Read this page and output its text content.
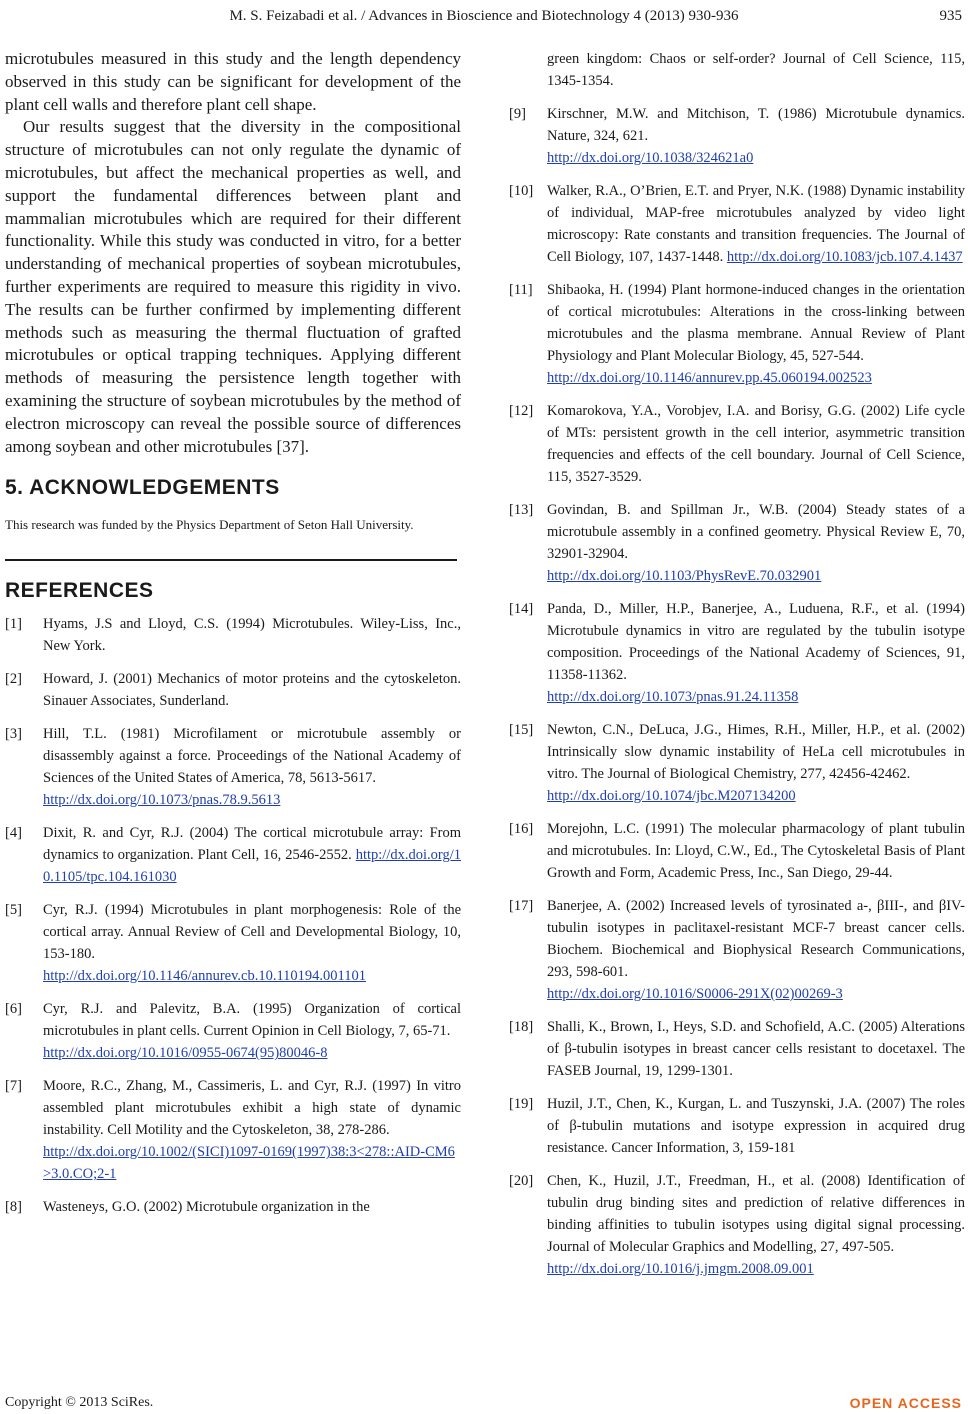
M. S. Feizabadi et al. / Advances in Bioscience and Biotechnology 4 (2013) 930-936	935

microtubules measured in this study and the length dependency observed in this study can be significant for development of the plant cell walls and therefore plant cell shape.

Our results suggest that the diversity in the compositional structure of microtubules can not only regulate the dynamic of microtubules, but affect the mechanical properties as well, and support the fundamental differences between plant and mammalian microtubules which are required for their different functionality. While this study was conducted in vitro, for a better understanding of mechanical properties of soybean microtubules, further experiments are required to measure this rigidity in vivo. The results can be further confirmed by implementing different methods such as measuring the thermal fluctuation of grafted microtubules or optical trapping techniques. Applying different methods of measuring the persistence length together with examining the structure of soybean microtubules by the method of electron microscopy can reveal the possible source of differences among soybean and other microtubules [37].

5. ACKNOWLEDGEMENTS

This research was funded by the Physics Department of Seton Hall University.

REFERENCES
[1] Hyams, J.S and Lloyd, C.S. (1994) Microtubules. Wiley-Liss, Inc., New York.
[2] Howard, J. (2001) Mechanics of motor proteins and the cytoskeleton. Sinauer Associates, Sunderland.
[3] Hill, T.L. (1981) Microfilament or microtubule assembly or disassembly against a force. Proceedings of the National Academy of Sciences of the United States of America, 78, 5613-5617.
http://dx.doi.org/10.1073/pnas.78.9.5613
[4] Dixit, R. and Cyr, R.J. (2004) The cortical microtubule array: From dynamics to organization. Plant Cell, 16, 2546-2552. http://dx.doi.org/10.1105/tpc.104.161030
[5] Cyr, R.J. (1994) Microtubules in plant morphogenesis: Role of the cortical array. Annual Review of Cell and Developmental Biology, 10, 153-180.
http://dx.doi.org/10.1146/annurev.cb.10.110194.001101
[6] Cyr, R.J. and Palevitz, B.A. (1995) Organization of cortical microtubules in plant cells. Current Opinion in Cell Biology, 7, 65-71.
http://dx.doi.org/10.1016/0955-0674(95)80046-8
[7] Moore, R.C., Zhang, M., Cassimeris, L. and Cyr, R.J. (1997) In vitro assembled plant microtubules exhibit a high state of dynamic instability. Cell Motility and the Cytoskeleton, 38, 278-286.
http://dx.doi.org/10.1002/(SICI)1097-0169(1997)38:3<278::AID-CM6>3.0.CO;2-1
[8] Wasteneys, G.O. (2002) Microtubule organization in the
green kingdom: Chaos or self-order? Journal of Cell Science, 115, 1345-1354.
[9] Kirschner, M.W. and Mitchison, T. (1986) Microtubule dynamics. Nature, 324, 621.
http://dx.doi.org/10.1038/324621a0
[10] Walker, R.A., O’Brien, E.T. and Pryer, N.K. (1988) Dynamic instability of individual, MAP-free microtubules analyzed by video light microscopy: Rate constants and transition frequencies. The Journal of Cell Biology, 107, 1437-1448. http://dx.doi.org/10.1083/jcb.107.4.1437
[11] Shibaoka, H. (1994) Plant hormone-induced changes in the orientation of cortical microtubules: Alterations in the cross-linking between microtubules and the plasma membrane. Annual Review of Plant Physiology and Plant Molecular Biology, 45, 527-544.
http://dx.doi.org/10.1146/annurev.pp.45.060194.002523
[12] Komarokova, Y.A., Vorobjev, I.A. and Borisy, G.G. (2002) Life cycle of MTs: persistent growth in the cell interior, asymmetric transition frequencies and effects of the cell boundary. Journal of Cell Science, 115, 3527-3529.
[13] Govindan, B. and Spillman Jr., W.B. (2004) Steady states of a microtubule assembly in a confined geometry. Physical Review E, 70, 32901-32904.
http://dx.doi.org/10.1103/PhysRevE.70.032901
[14] Panda, D., Miller, H.P., Banerjee, A., Luduena, R.F., et al. (1994) Microtubule dynamics in vitro are regulated by the tubulin isotype composition. Proceedings of the National Academy of Sciences, 91, 11358-11362.
http://dx.doi.org/10.1073/pnas.91.24.11358
[15] Newton, C.N., DeLuca, J.G., Himes, R.H., Miller, H.P., et al. (2002) Intrinsically slow dynamic instability of HeLa cell microtubules in vitro. The Journal of Biological Chemistry, 277, 42456-42462.
http://dx.doi.org/10.1074/jbc.M207134200
[16] Morejohn, L.C. (1991) The molecular pharmacology of plant tubulin and microtubules. In: Lloyd, C.W., Ed., The Cytoskeletal Basis of Plant Growth and Form, Academic Press, Inc., San Diego, 29-44.
[17] Banerjee, A. (2002) Increased levels of tyrosinated a-, βIII-, and βIV-tubulin isotypes in paclitaxel-resistant MCF-7 breast cancer cells. Biochem. Biochemical and Biophysical Research Communications, 293, 598-601.
http://dx.doi.org/10.1016/S0006-291X(02)00269-3
[18] Shalli, K., Brown, I., Heys, S.D. and Schofield, A.C. (2005) Alterations of β-tubulin isotypes in breast cancer cells resistant to docetaxel. The FASEB Journal, 19, 1299-1301.
[19] Huzil, J.T., Chen, K., Kurgan, L. and Tuszynski, J.A. (2007) The roles of β-tubulin mutations and isotype expression in acquired drug resistance. Cancer Information, 3, 159-181
[20] Chen, K., Huzil, J.T., Freedman, H., et al. (2008) Identification of tubulin drug binding sites and prediction of relative differences in binding affinities to tubulin isotypes using digital signal processing. Journal of Molecular Graphics and Modelling, 27, 497-505.
http://dx.doi.org/10.1016/j.jmgm.2008.09.001
Copyright © 2013 SciRes.	OPEN ACCESS
